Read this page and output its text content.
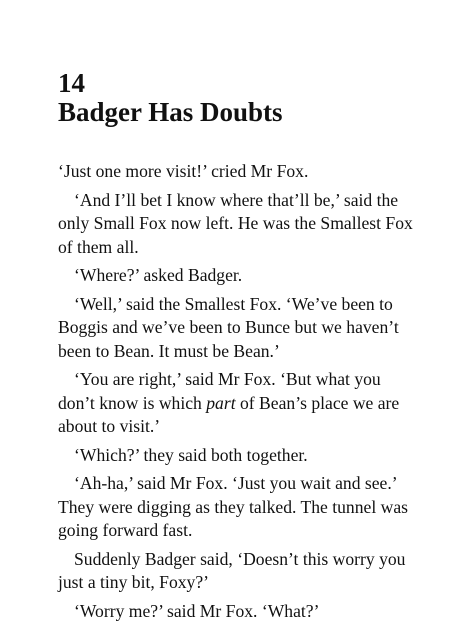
14
Badger Has Doubts

‘Just one more visit!’ cried Mr Fox.

‘And I’ll bet I know where that’ll be,’ said the
only Small Fox now left. He was the Smallest Fox
of them all.

‘Where?’ asked Badger.

‘Well,’ said the Smallest Fox. ‘We’ve been to
Boggis and we’ve been to Bunce but we haven’t
been to Bean. It must be Bean.’

‘You are right,’ said Mr Fox. ‘But what you
don’t know is which part of Bean’s place we are
about to visit.’

‘Which?’ they said both together.

‘Ah-ha,’ said Mr Fox. ‘Just you wait and see.’
They were digging as they talked. The tunnel was
going forward fast.

Suddenly Badger said, ‘Doesn’t this worry you
just a tiny bit, Foxy?’

‘Worry me?’ said Mr Fox. ‘What?’
